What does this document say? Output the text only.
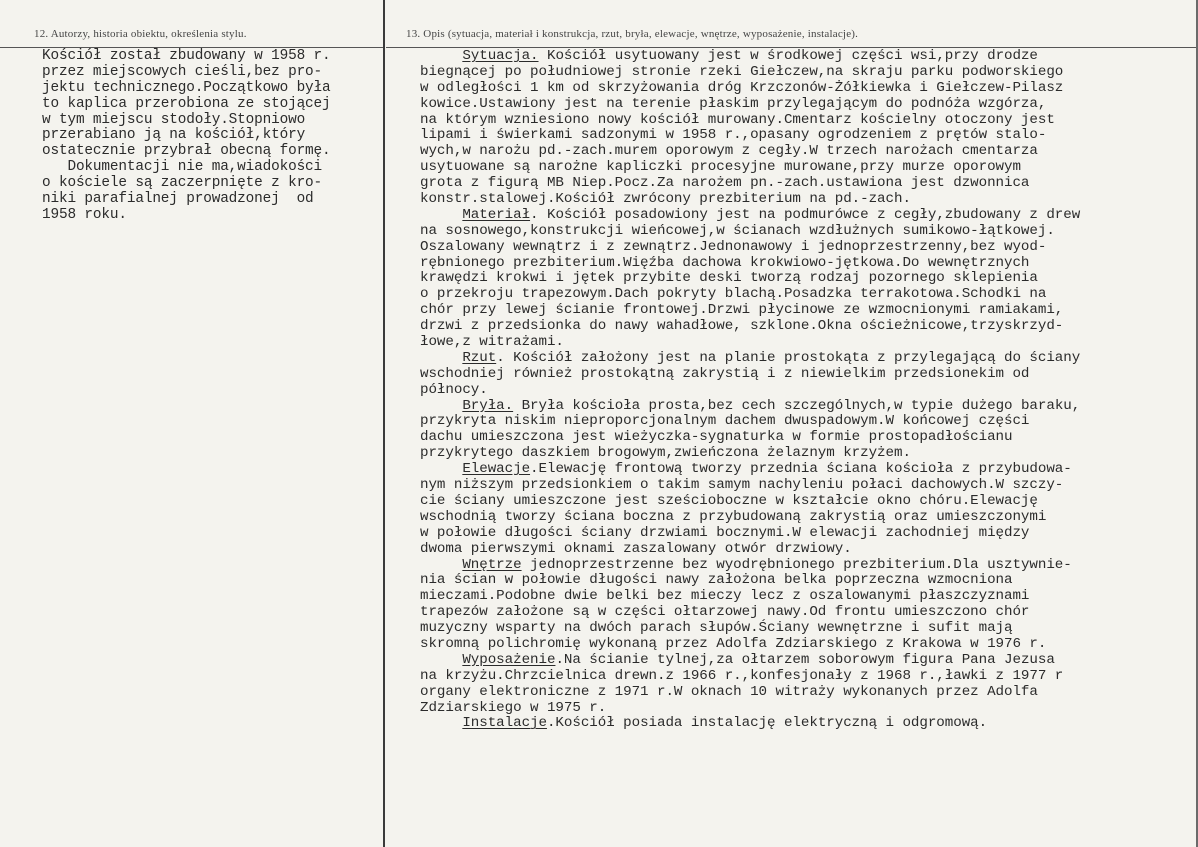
12. Autorzy, historia obiektu, określenia stylu.
Kościół został zbudowany w 1958 r.
przez miejscowych cieśli,bez pro-
jektu technicznego.Początkowo była
to kaplica przerobiona ze stojącej
w tym miejscu stodoły.Stopniowo
przerabiano ją na kościół,który
ostatecznie przybrał obecną formę.
Dokumentacji nie ma,wiadokości
o kościele są zaczerpnięte z kro-
niki parafialnej prowadzonej  od
1958 roku.
13. Opis (sytuacja, materiał i konstrukcja, rzut, bryła, elewacje, wnętrze, wyposażenie, instalacje).
Sytuacja. Kościół usytuowany jest w środkowej części wsi,przy drodze
biegnącej po południowej stronie rzeki Giełczew,na skraju parku podworskiego
w odległości 1 km od skrzyżowania dróg Krzczonów-Żółkiewka i Giełczew-Pilasz
kowice.Ustawiony jest na terenie płaskim przylegającym do podnóża wzgórza,
na którym wzniesiono nowy kościół murowany.Cmentarz kościelny otoczony jest
lipami i świerkami sadzonymi w 1958 r.,opasany ogrodzeniem z prętów stalo-
wych,w narożu pd.-zach.murem oporowym z cegły.W trzech narożach cmentarza
usytuowane są narożne kapliczki procesyjne murowane,przy murze oporowym
grota z figurą MB Niep.Pocz.Za narożem pn.-zach.ustawiona jest dzwonnica
konstr.stalowej.Kościół zwrócony prezbiterium na pd.-zach.
Materiał. Kościół posadowiony jest na podmurówce z cegły,zbudowany z drew
na sosnowego,konstrukcji wieńcowej,w ścianach wzdłużnych sumikowo-łątkowej.
Oszalowany wewnątrz i z zewnątrz.Jednonawowy i jednoprzestrzenny,bez wyod-
rębnionego prezbiterium.Więźba dachowa krokwiowo-jętkowa.Do wewnętrznych
krawędzi krokwi i jętek przybite deski tworzą rodzaj pozornego sklepienia
o przekroju trapezowym.Dach pokryty blachą.Posadzka terrakotowa.Schodki na
chór przy lewej ścianie frontowej.Drzwi płycinowe ze wzmocnionymi ramiakami,
drzwi z przedsionka do nawy wahadłowe, szklone.Okna ościeżnicowe,trzyskrzyd-
łowe,z witrażami.
Rzut. Kościół założony jest na planie prostokąta z przylegającą do ściany
wschodniej również prostokątną zakrystią i z niewielkim przedsionekim od
północy.
Bryła. Bryła kościoła prosta,bez cech szczególnych,w typie dużego baraku,
przykryta niskim nieproporcjonalnym dachem dwuspadowym.W końcowej części
dachu umieszczona jest wieżyczka-sygnaturka w formie prostopadłościanu
przykrytego daszkiem brogowym,zwieńczona żelaznym krzyżem.
Elewacje.Elewację frontową tworzy przednia ściana kościoła z przybudowa-
nym niższym przedsionkiem o takim samym nachyleniu połaci dachowych.W szczy-
cie ściany umieszczone jest sześcioboczne w kształcie okno chóru.Elewację
wschodnią tworzy ściana boczna z przybudowaną zakrystią oraz umieszczonymi
w połowie długości ściany drzwiami bocznymi.W elewacji zachodniej między
dwoma pierwszymi oknami zaszalowany otwór drzwiowy.
Wnętrze jednoprzestrzenne bez wyodrębnionego prezbiterium.Dla usztywnie-
nia ścian w połowie długości nawy założona belka poprzeczna wzmocniona
mieczami.Podobne dwie belki bez mieczy lecz z oszalowanymi płaszczyznami
trapezów założone są w części ołtarzowej nawy.Od frontu umieszczono chór
muzyczny wsparty na dwóch parach słupów.Ściany wewnętrzne i sufit mają
skromną polichromię wykonaną przez Adolfa Zdziarskiego z Krakowa w 1976 r.
Wyposażenie.Na ścianie tylnej,za ołtarzem soborowym figura Pana Jezusa
na krzyżu.Chrzcielnica drewn.z 1966 r.,konfesjonały z 1968 r.,ławki z 1977 r
organy elektroniczne z 1971 r.W oknach 10 witraży wykonanych przez Adolfa
Zdziarskiego w 1975 r.
Instalacje.Kościół posiada instalację elektryczną i odgromową.
